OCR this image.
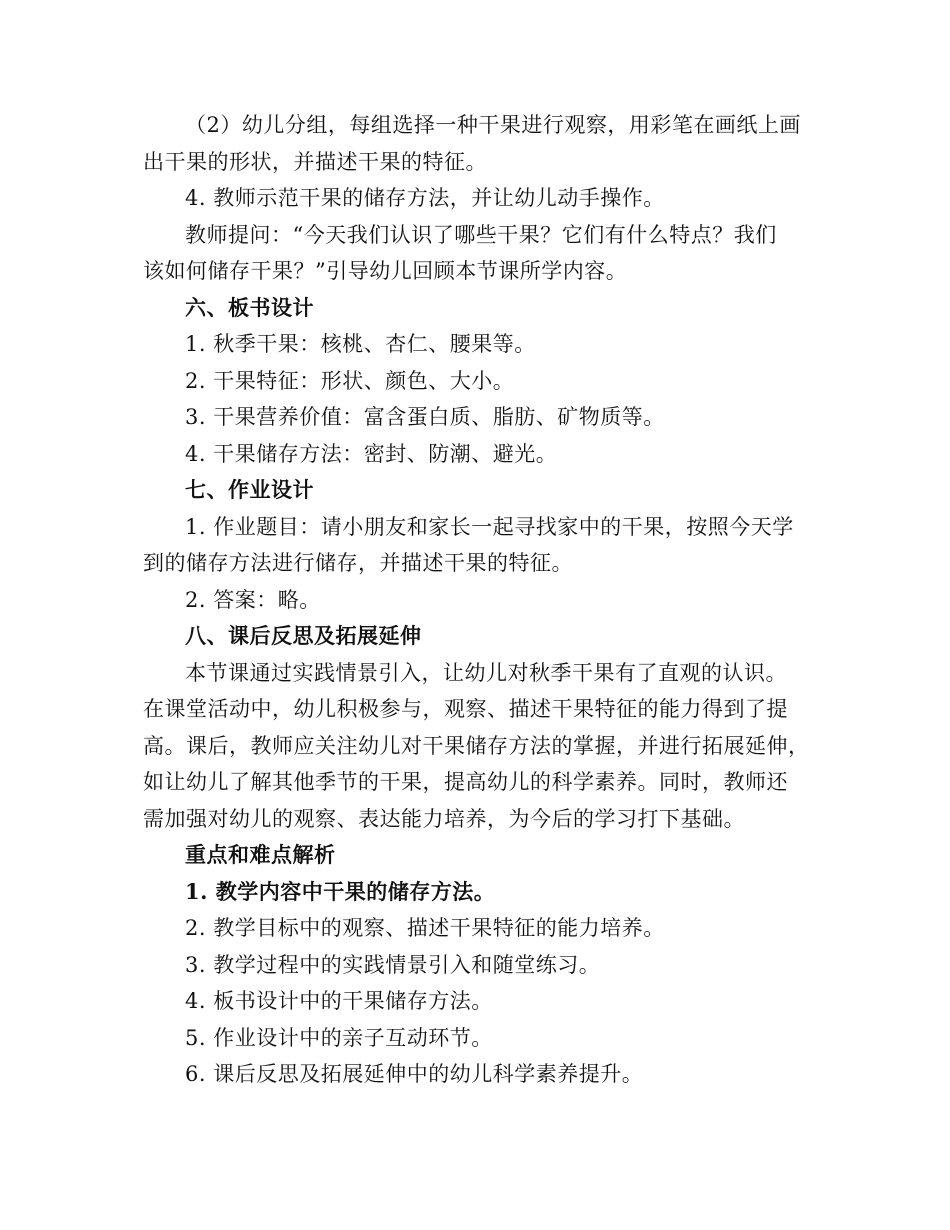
（2）幼儿分组，每组选择一种干果进行观察，用彩笔在画纸上画
出干果的形状，并描述干果的特征。
4. 教师示范干果的储存方法，并让幼儿动手操作。
教师提问：“今天我们认识了哪些干果？它们有什么特点？我们
该如何储存干果？”引导幼儿回顾本节课所学内容。
六、板书设计
1. 秋季干果：核桃、杏仁、腰果等。
2. 干果特征：形状、颜色、大小。
3. 干果营养价值：富含蛋白质、脂肪、矿物质等。
4. 干果储存方法：密封、防潮、避光。
七、作业设计
1. 作业题目：请小朋友和家长一起寻找家中的干果，按照今天学
到的储存方法进行储存，并描述干果的特征。
2. 答案：略。
八、课后反思及拓展延伸
本节课通过实践情景引入，让幼儿对秋季干果有了直观的认识。
在课堂活动中，幼儿积极参与，观察、描述干果特征的能力得到了提
高。课后，教师应关注幼儿对干果储存方法的掌握，并进行拓展延伸，
如让幼儿了解其他季节的干果，提高幼儿的科学素养。同时，教师还
需加强对幼儿的观察、表达能力培养，为今后的学习打下基础。
重点和难点解析
1. 教学内容中干果的储存方法。
2. 教学目标中的观察、描述干果特征的能力培养。
3. 教学过程中的实践情景引入和随堂练习。
4. 板书设计中的干果储存方法。
5. 作业设计中的亲子互动环节。
6. 课后反思及拓展延伸中的幼儿科学素养提升。
